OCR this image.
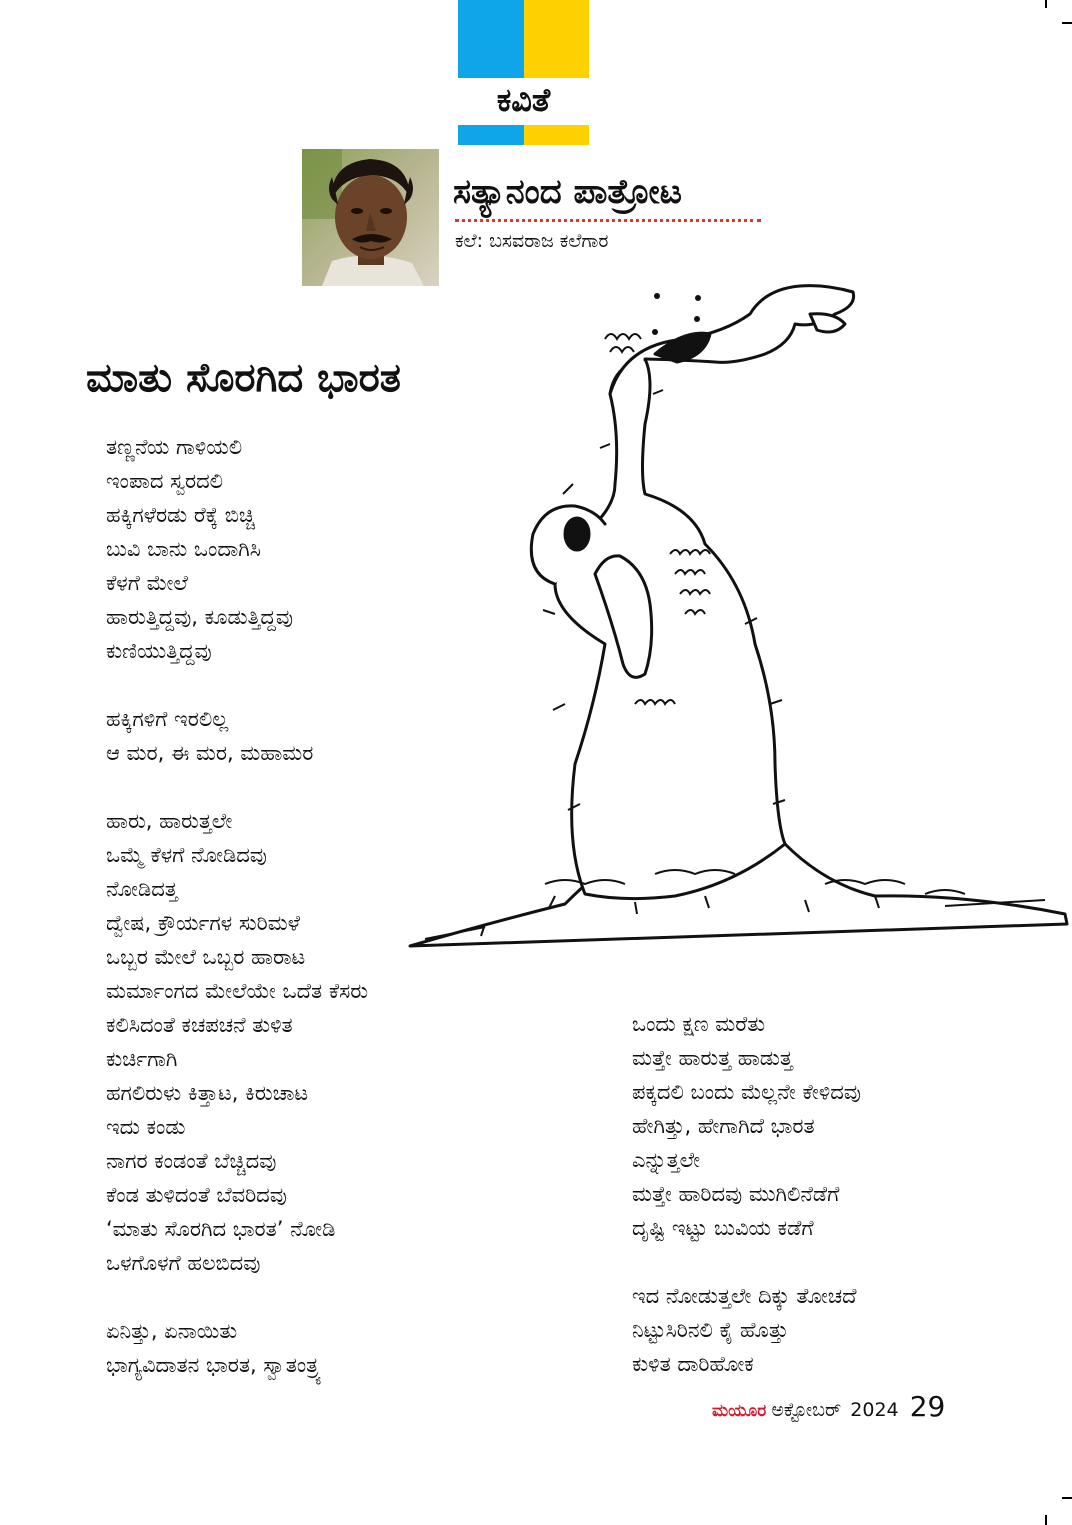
ಕವಿತೆ
ಸತ್ಯಾನಂದ ಪಾತ್ರೋಟ
ಕಲೆ: ಬಸವರಾಜ ಕಲೆಗಾರ
ಮಾತು ಸೊರಗಿದ ಭಾರತ
ತಣ್ಣನೆಯ ಗಾಳಿಯಲಿ
ಇಂಪಾದ ಸ್ವರದಲಿ
ಹಕ್ಕಿಗಳೆರಡು ರೆಕ್ಕೆ ಬಿಚ್ಚಿ
ಬುವಿ ಬಾನು ಒಂದಾಗಿಸಿ
ಕೆಳಗೆ ಮೇಲೆ
ಹಾರುತ್ತಿದ್ದವು, ಕೂಡುತ್ತಿದ್ದವು
ಕುಣಿಯುತ್ತಿದ್ದವು
ಹಕ್ಕಿಗಳಿಗೆ ಇರಲಿಲ್ಲ
ಆ ಮರ, ಈ ಮರ, ಮಹಾಮರ
ಹಾರು, ಹಾರುತ್ತಲೇ
ಒಮ್ಮೆ ಕೆಳಗೆ ನೋಡಿದವು
ನೋಡಿದತ್ತ
ದ್ವೇಷ, ಕ್ರೌರ್ಯಗಳ ಸುರಿಮಳೆ
ಒಬ್ಬರ ಮೇಲೆ ಒಬ್ಬರ ಹಾರಾಟ
ಮರ್ಮಾಂಗದ ಮೇಲೆಯೇ ಒದೆತ ಕೆಸರು
ಕಲಿಸಿದಂತೆ ಕಚಪಚನೆ ತುಳಿತ
ಕುರ್ಚಿಗಾಗಿ
ಹಗಲಿರುಳು ಕಿತ್ತಾಟ, ಕಿರುಚಾಟ
ಇದು ಕಂಡು
ನಾಗರ ಕಂಡಂತೆ ಬೆಚ್ಚಿದವು
ಕೆಂಡ ತುಳಿದಂತೆ ಬೆವರಿದವು
‘ಮಾತು ಸೊರಗಿದ ಭಾರತ’ ನೋಡಿ
ಒಳಗೊಳಗೆ ಹಲಬಿದವು
ಏನಿತ್ತು, ಏನಾಯಿತು
ಭಾಗ್ಯವಿದಾತನ ಭಾರತ, ಸ್ವಾತಂತ್ರ್ಯ
ಒಂದು ಕ್ಷಣ ಮರೆತು
ಮತ್ತೇ ಹಾರುತ್ತ ಹಾಡುತ್ತ
ಪಕ್ಕದಲಿ ಬಂದು ಮೆಲ್ಲನೇ ಕೇಳಿದವು
ಹೇಗಿತ್ತು, ಹೇಗಾಗಿದೆ ಭಾರತ
ಎನ್ನುತ್ತಲೇ
ಮತ್ತೇ ಹಾರಿದವು ಮುಗಿಲಿನೆಡೆಗೆ
ದೃಷ್ಟಿ ಇಟ್ಟು ಬುವಿಯ ಕಡೆಗೆ
ಇದ ನೋಡುತ್ತಲೇ ದಿಕ್ಕು ತೋಚದೆ
ನಿಟ್ಟುಸಿರಿನಲಿ ಕೈ ಹೊತ್ತು
ಕುಳಿತ ದಾರಿಹೋಕ
ಮಯೂರ ಅಕ್ಟೋಬರ್ 2024 29
